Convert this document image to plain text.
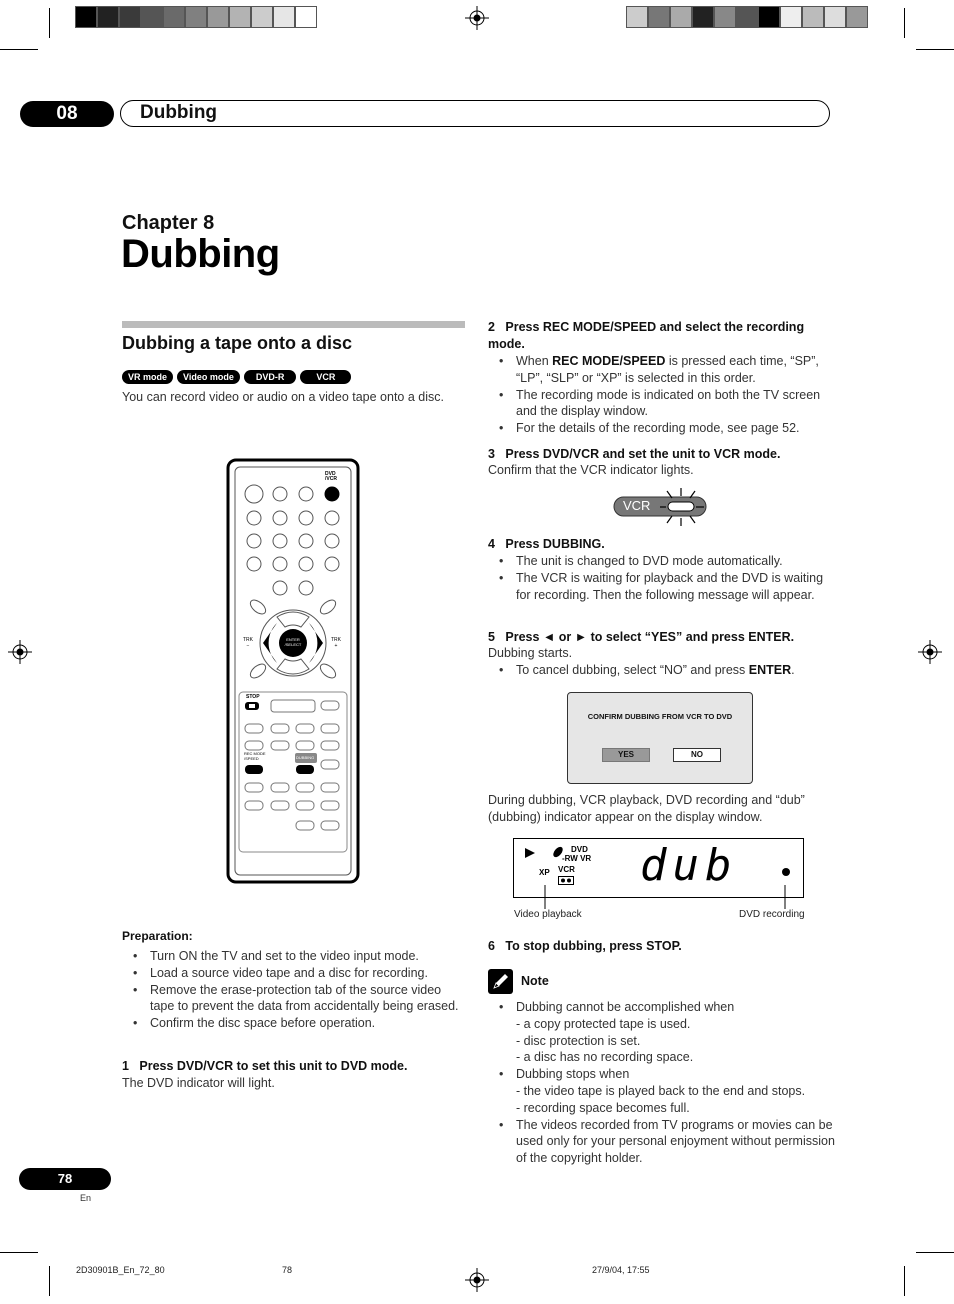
08	Dubbing
Chapter 8
Dubbing
Dubbing a tape onto a disc
VR mode	Video mode	DVD-R	VCR
You can record video or audio on a video tape onto a disc.
DVD
/VCR
TRK
−
TRK
+
ENTER
/SELECT
STOP
REC MODE
/SPEED	DUBBING
Preparation:
• Turn ON the TV and set to the video input mode.
• Load a source video tape and a disc for recording.
• Remove the erase-protection tab of the source video tape to prevent the data from accidentally being erased.
• Confirm the disc space before operation.
1 Press DVD/VCR to set this unit to DVD mode.
The DVD indicator will light.
2 Press REC MODE/SPEED and select the recording mode.
• When REC MODE/SPEED is pressed each time, “SP”, “LP”, “SLP” or “XP” is selected in this order.
• The recording mode is indicated on both the TV screen and the display window.
• For the details of the recording mode, see page 52.
3 Press DVD/VCR and set the unit to VCR mode.
Confirm that the VCR indicator lights.
VCR
4 Press DUBBING.
• The unit is changed to DVD mode automatically.
• The VCR is waiting for playback and the DVD is waiting for recording. Then the following message will appear.
5 Press ◄ or ► to select “YES” and press ENTER.
Dubbing starts.
• To cancel dubbing, select “NO” and press ENTER.
CONFIRM DUBBING FROM VCR TO DVD
YES	NO
During dubbing, VCR playback, DVD recording and “dub” (dubbing) indicator appear on the display window.
DVD
-RW VR
VCR
XP dub
Video playback	DVD recording
6 To stop dubbing, press STOP.
Note
• Dubbing cannot be accomplished when
- a copy protected tape is used.
- disc protection is set.
- a disc has no recording space.
• Dubbing stops when
- the video tape is played back to the end and stops.
- recording space becomes full.
• The videos recorded from TV programs or movies can be used only for your personal enjoyment without permission of the copyright holder.
78
En
2D30901B_En_72_80	78	27/9/04, 17:55
